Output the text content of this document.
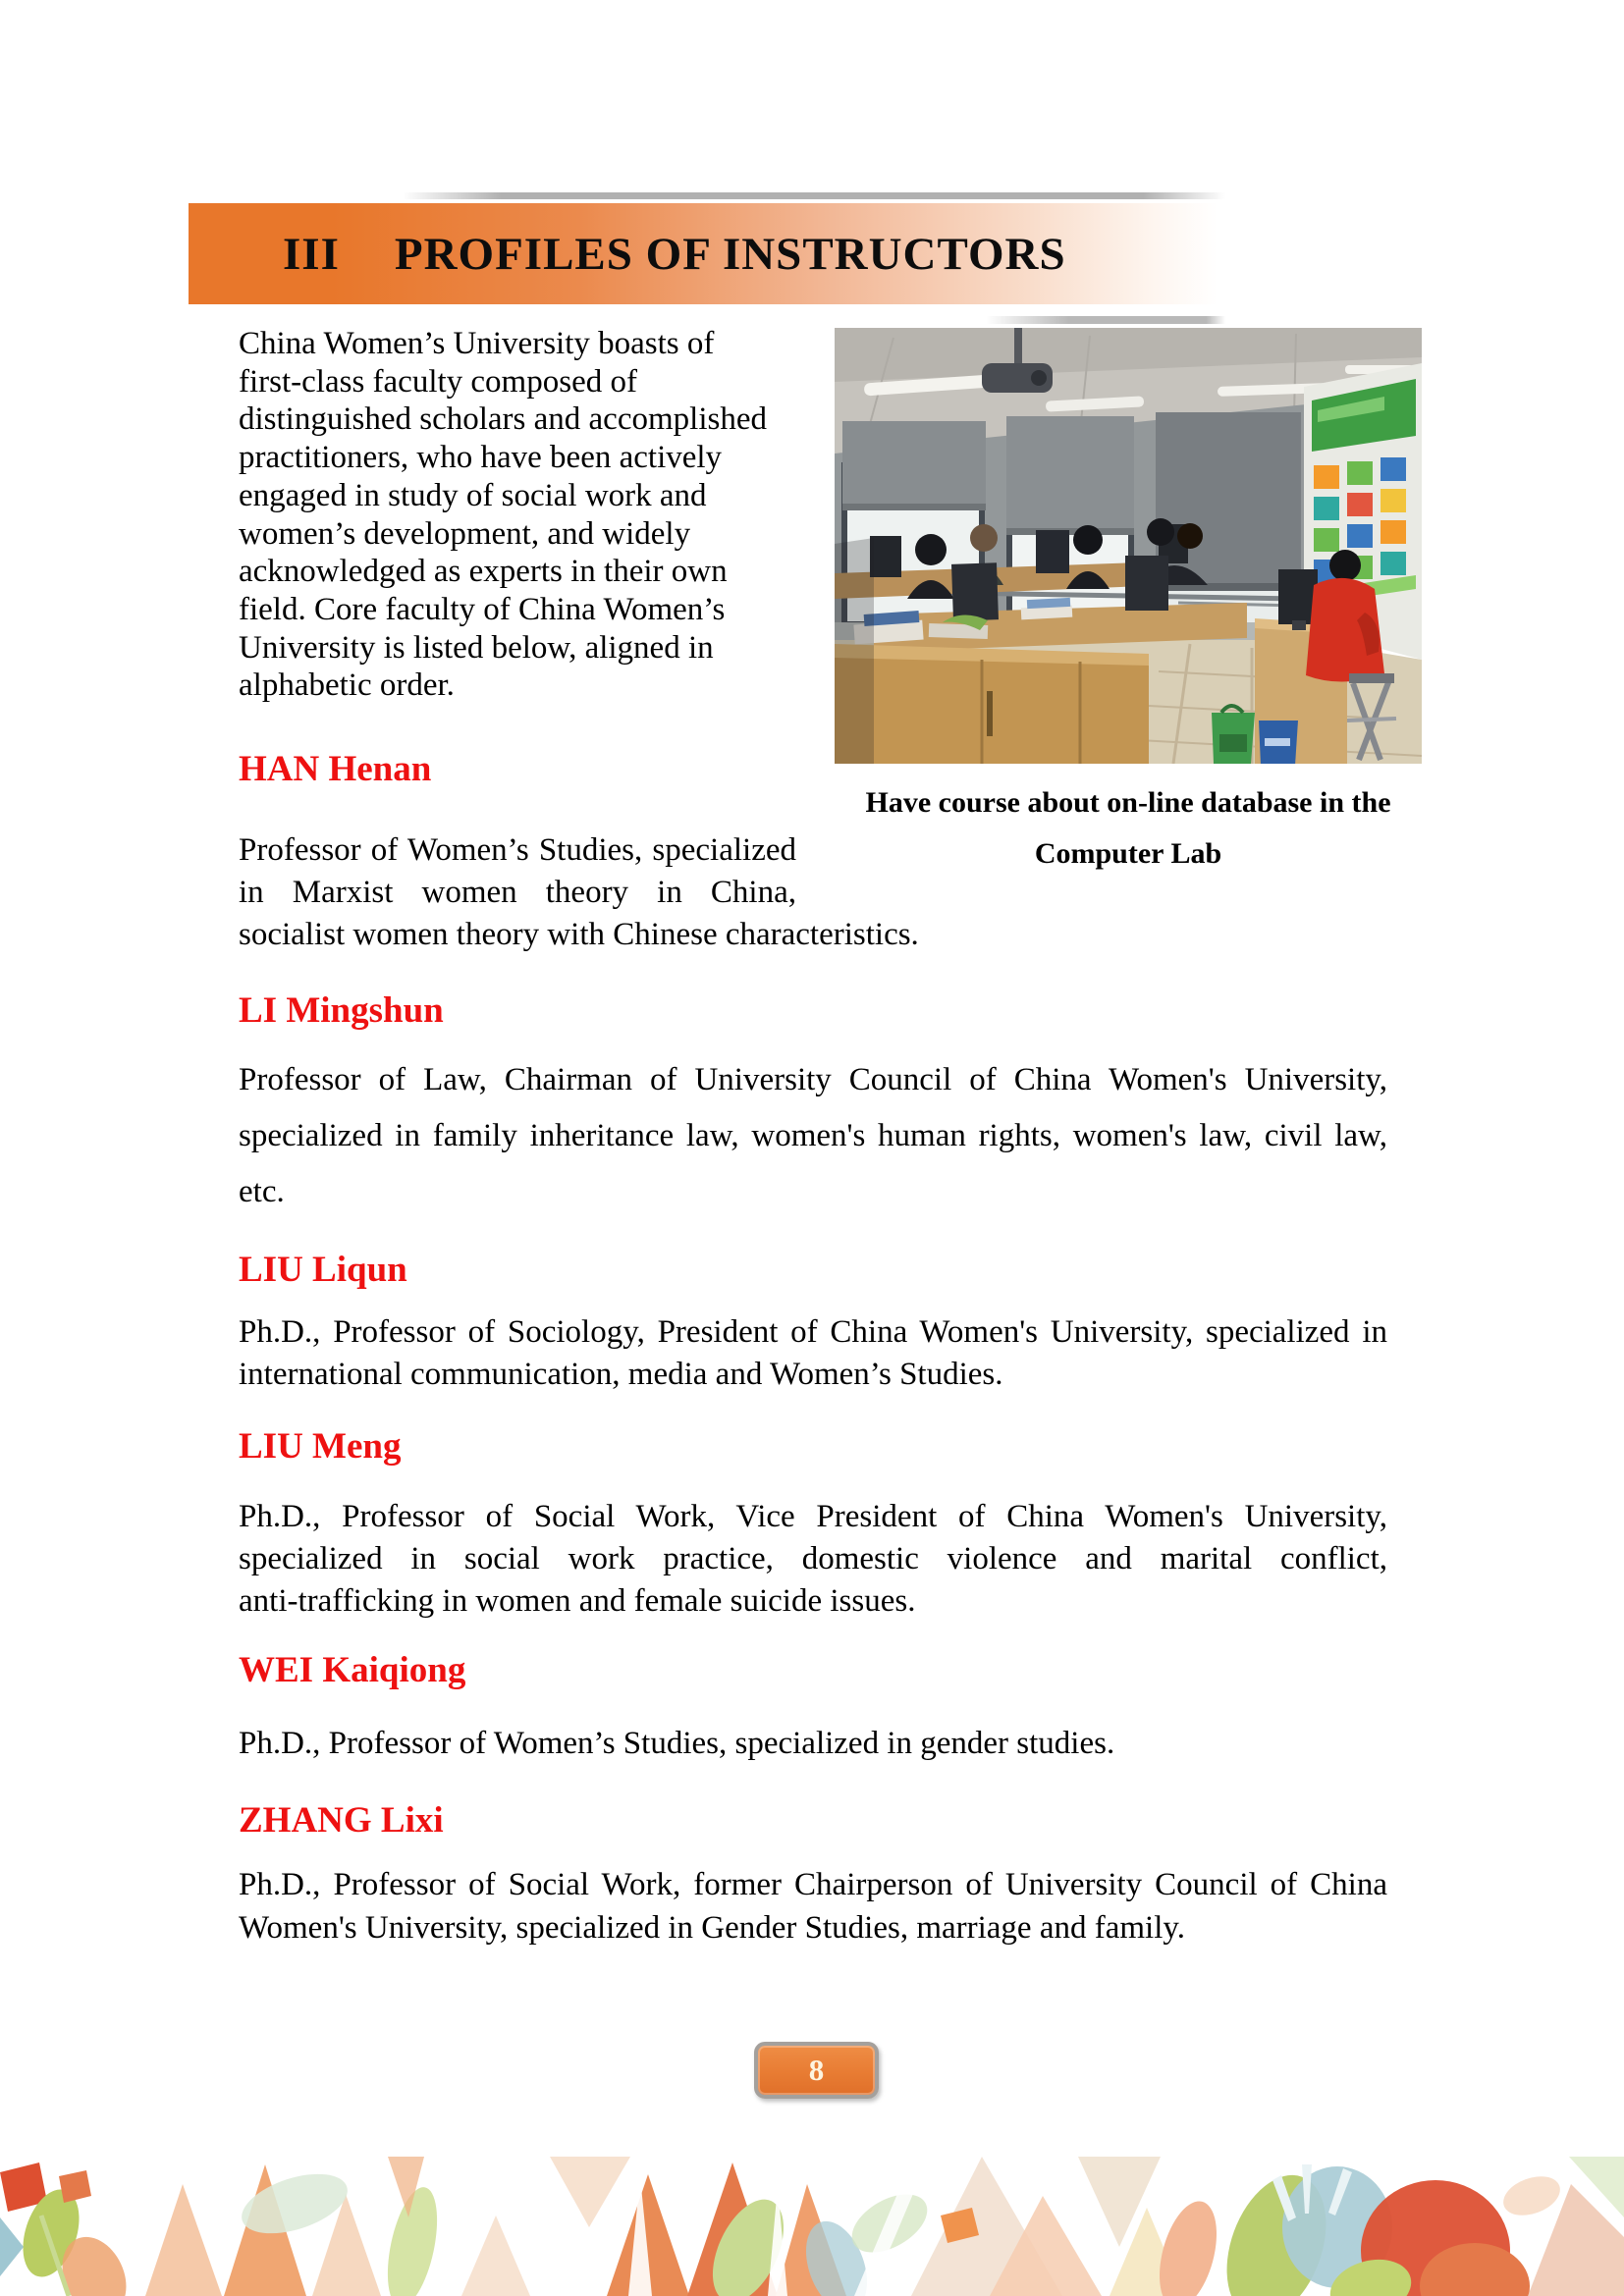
III PROFILES OF INSTRUCTORS
China Women’s University boasts of
first-class faculty composed of
distinguished scholars and accomplished
practitioners, who have been actively
engaged in study of social work and
women’s development, and widely
acknowledged as experts in their own
field. Core faculty of China Women’s
University is listed below, aligned in
alphabetic order.
Have course about on-line database in the
Computer Lab
HAN Henan
Professor of Women’s Studies, specialized
in Marxist women theory in China,
socialist women theory with Chinese characteristics.
LI Mingshun
Professor of Law, Chairman of University Council of China Women's University,
specialized in family inheritance law, women's human rights, women's law, civil law,
etc.
LIU Liqun
Ph.D., Professor of Sociology, President of China Women's University, specialized in
international communication, media and Women’s Studies.
LIU Meng
Ph.D., Professor of Social Work, Vice President of China Women's University,
specialized in social work practice, domestic violence and marital conflict,
anti-trafficking in women and female suicide issues.
WEI Kaiqiong
Ph.D., Professor of Women’s Studies, specialized in gender studies.
ZHANG Lixi
Ph.D., Professor of Social Work, former Chairperson of University Council of China
Women's University, specialized in Gender Studies, marriage and family.
8
